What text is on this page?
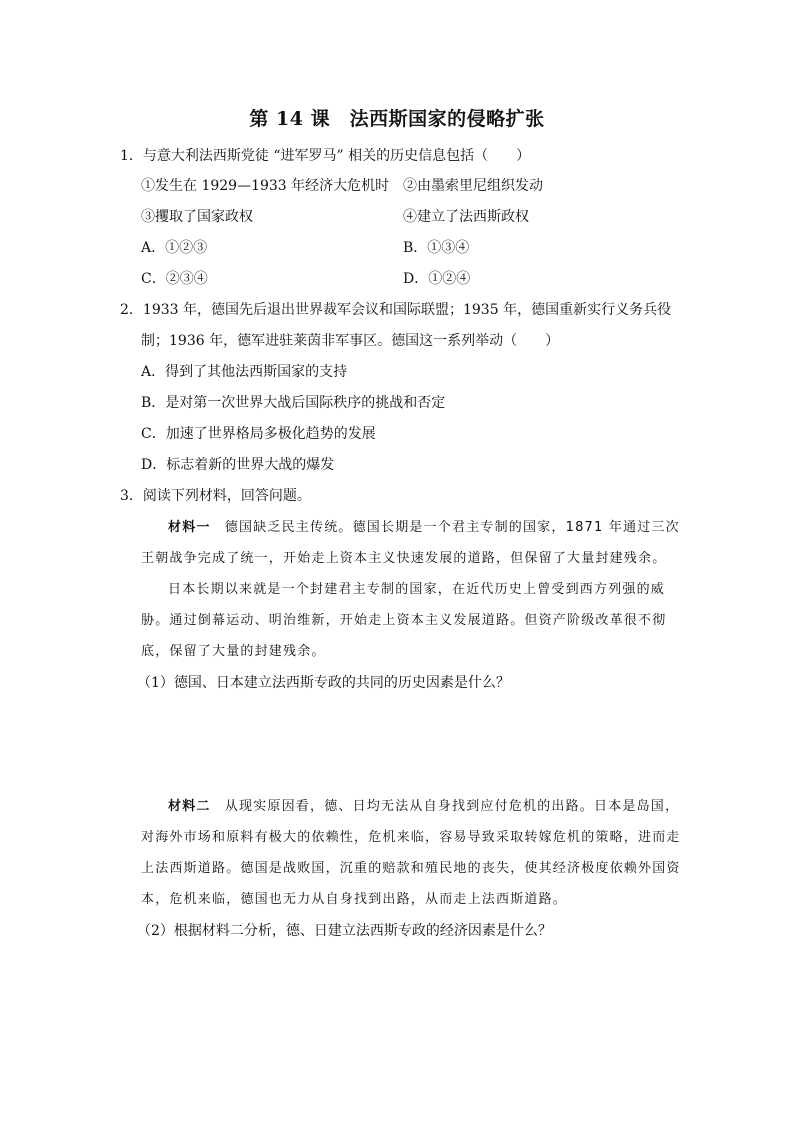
第 14 课　法西斯国家的侵略扩张
1．与意大利法西斯党徒 “进军罗马” 相关的历史信息包括（　　）
①发生在 1929—1933 年经济大危机时 ②由墨索里尼组织发动
③攫取了国家政权	④建立了法西斯政权
A．①②③	B．①③④
C．②③④	D．①②④
2．1933 年，德国先后退出世界裁军会议和国际联盟；1935 年，德国重新实行义务兵役
制；1936 年，德军进驻莱茵非军事区。德国这一系列举动（　　）
A．得到了其他法西斯国家的支持
B．是对第一次世界大战后国际秩序的挑战和否定
C．加速了世界格局多极化趋势的发展
D．标志着新的世界大战的爆发
3．阅读下列材料，回答问题。
材料一　德国缺乏民主传统。德国长期是一个君主专制的国家，1871 年通过三次
王朝战争完成了统一，开始走上资本主义快速发展的道路，但保留了大量封建残余。
日本长期以来就是一个封建君主专制的国家，在近代历史上曾受到西方列强的威
胁。通过倒幕运动、明治维新，开始走上资本主义发展道路。但资产阶级改革很不彻
底，保留了大量的封建残余。
（1）德国、日本建立法西斯专政的共同的历史因素是什么？
材料二　从现实原因看，德、日均无法从自身找到应付危机的出路。日本是岛国，
对海外市场和原料有极大的依赖性，危机来临，容易导致采取转嫁危机的策略，进而走
上法西斯道路。德国是战败国，沉重的赔款和殖民地的丧失，使其经济极度依赖外国资
本，危机来临，德国也无力从自身找到出路，从而走上法西斯道路。
（2）根据材料二分析，德、日建立法西斯专政的经济因素是什么？
